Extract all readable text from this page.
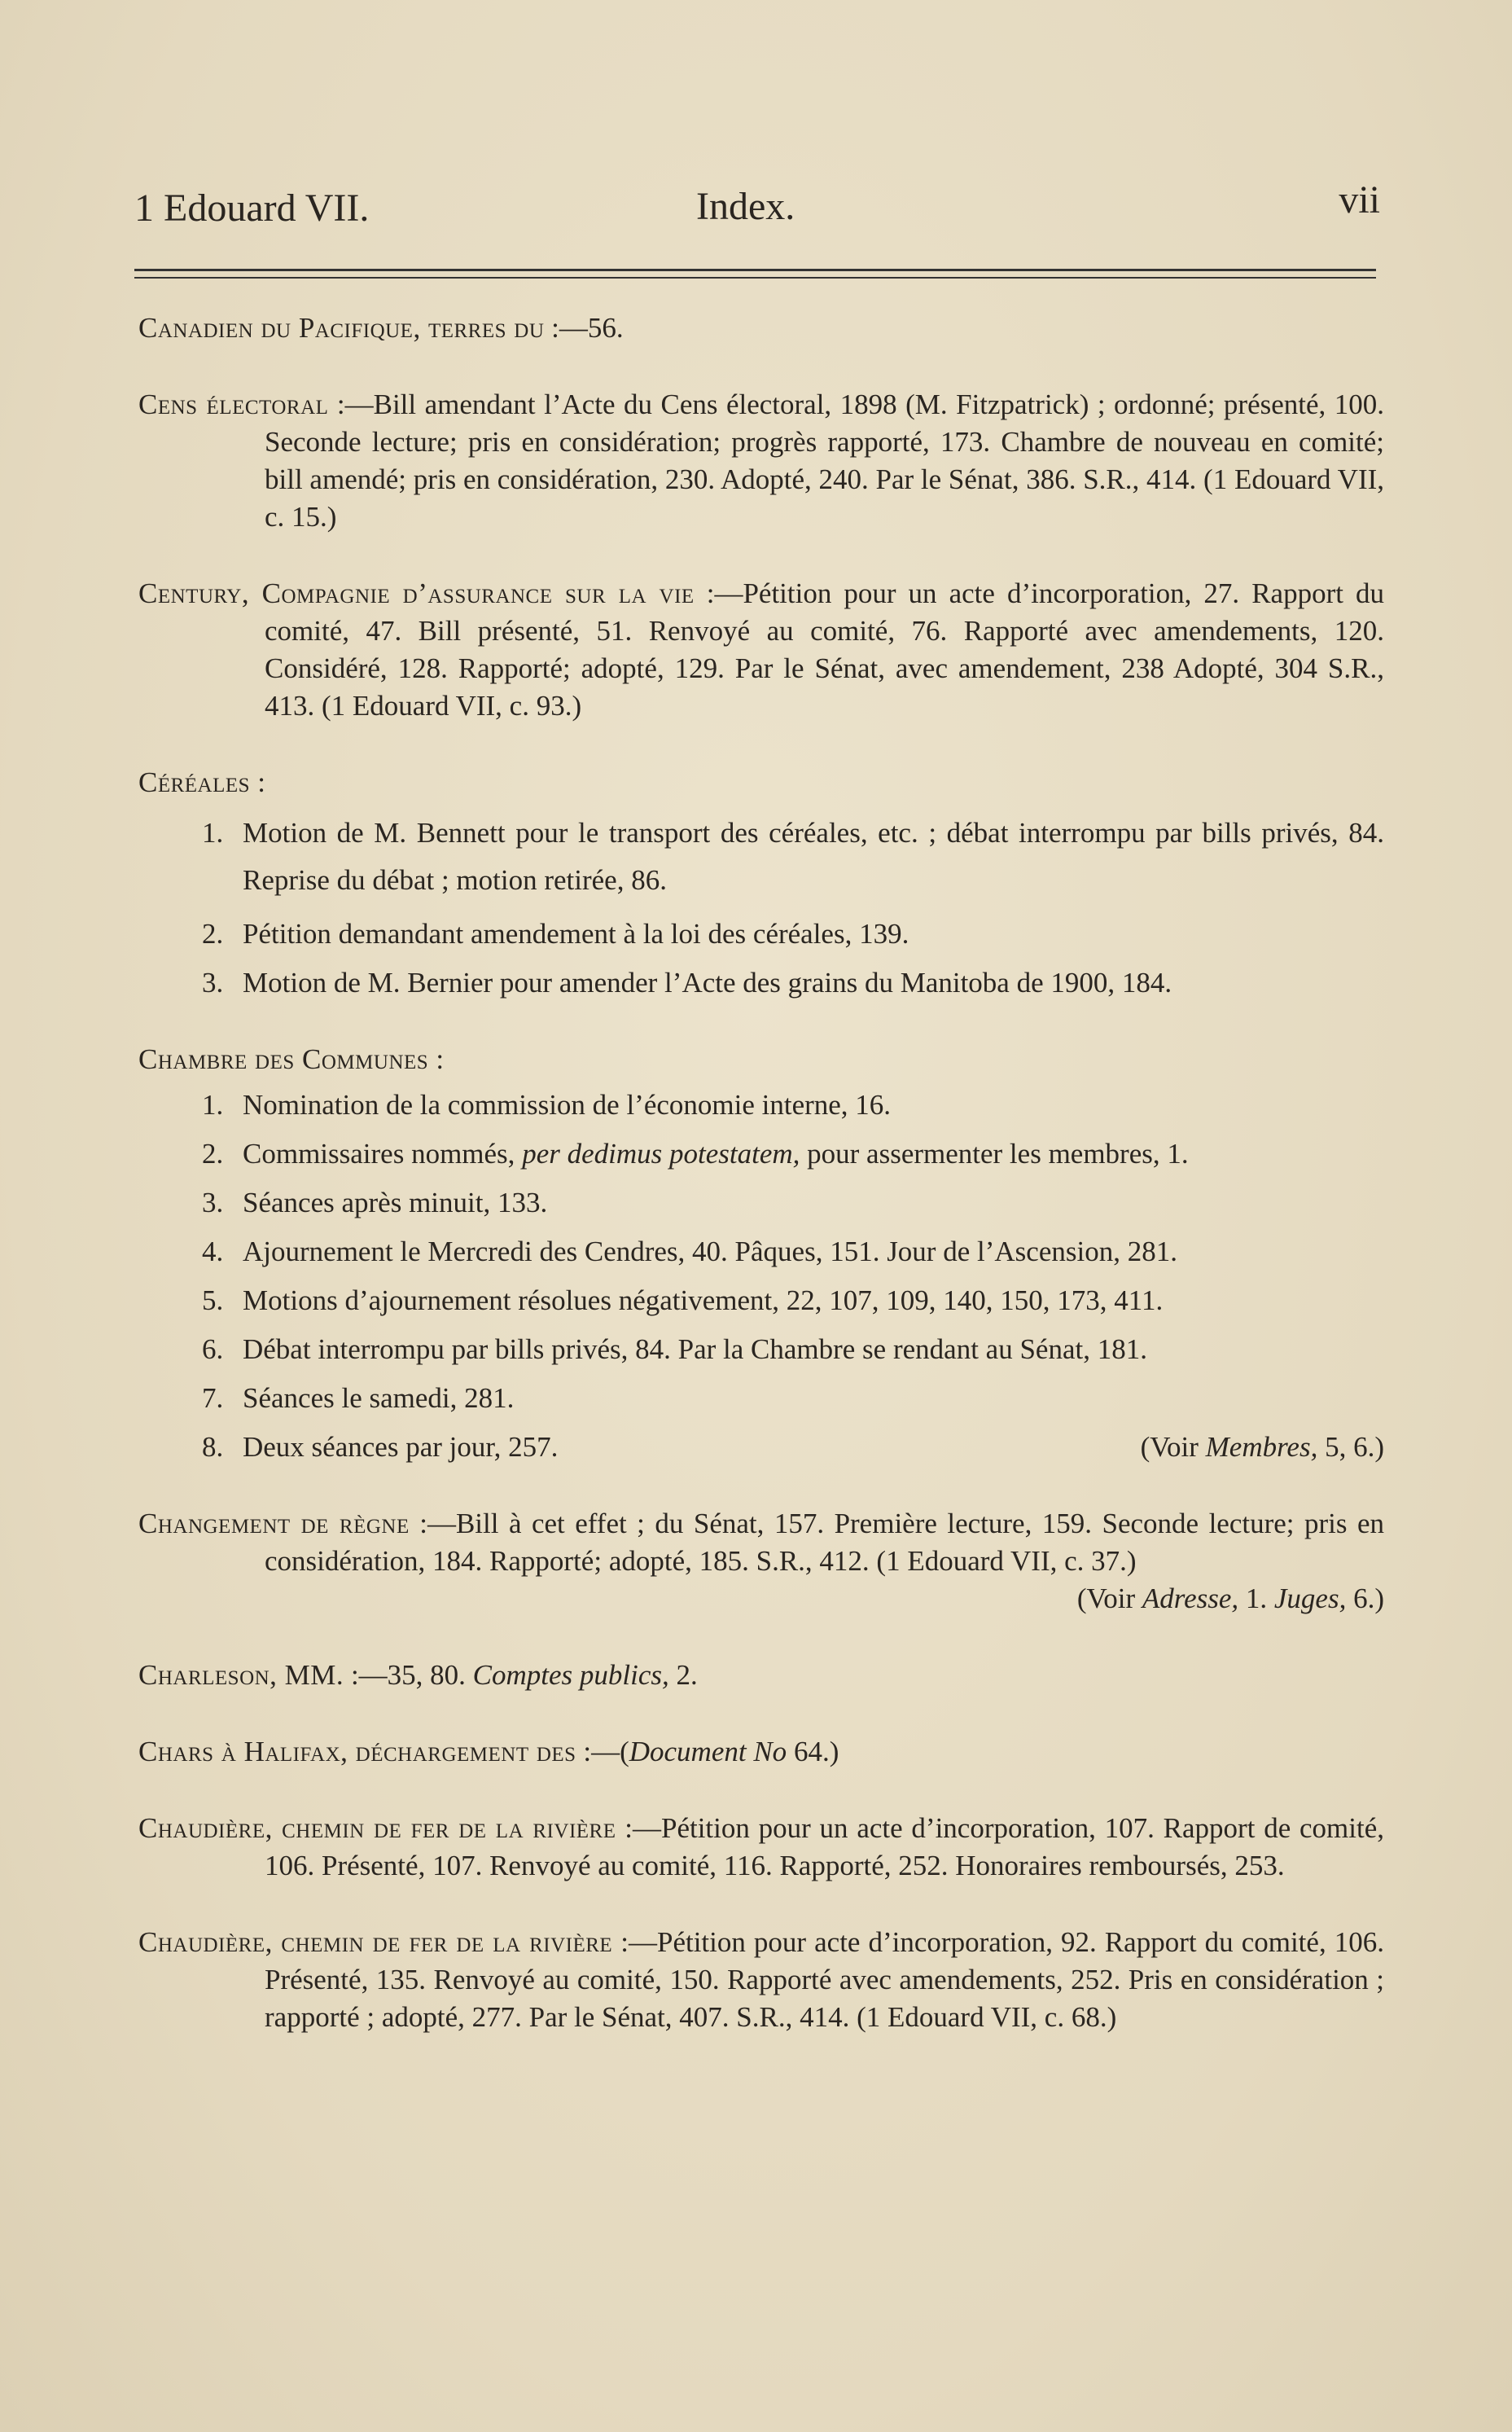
1 Edouard VII.	Index.	vii
Canadien du Pacifique, terres du :—56.
Cens électoral :—Bill amendant l’Acte du Cens électoral, 1898 (M. Fitzpatrick) ; ordonné; présenté, 100. Seconde lecture; pris en considération; progrès rapporté, 173. Chambre de nouveau en comité; bill amendé; pris en considération, 230. Adopté, 240. Par le Sénat, 386. S.R., 414. (1 Edouard VII, c. 15.)
Century, Compagnie d’assurance sur la vie :—Pétition pour un acte d’incorporation, 27. Rapport du comité, 47. Bill présenté, 51. Renvoyé au comité, 76. Rapporté avec amendements, 120. Considéré, 128. Rapporté; adopté, 129. Par le Sénat, avec amendement, 238 Adopté, 304 S.R., 413. (1 Edouard VII, c. 93.)
Céréales :
1. Motion de M. Bennett pour le transport des céréales, etc. ; débat interrompu par bills privés, 84. Reprise du débat ; motion retirée, 86.
2. Pétition demandant amendement à la loi des céréales, 139.
3. Motion de M. Bernier pour amender l’Acte des grains du Manitoba de 1900, 184.
Chambre des Communes :
1. Nomination de la commission de l’économie interne, 16.
2. Commissaires nommés, per dedimus potestatem, pour assermenter les membres, 1.
3. Séances après minuit, 133.
4. Ajournement le Mercredi des Cendres, 40. Pâques, 151. Jour de l’Ascension, 281.
5. Motions d’ajournement résolues négativement, 22, 107, 109, 140, 150, 173, 411.
6. Débat interrompu par bills privés, 84. Par la Chambre se rendant au Sénat, 181.
7. Séances le samedi, 281.
8. Deux séances par jour, 257.	(Voir Membres, 5, 6.)
Changement de règne :—Bill à cet effet ; du Sénat, 157. Première lecture, 159. Seconde lecture; pris en considération, 184. Rapporté; adopté, 185. S.R., 412. (1 Edouard VII, c. 37.)
(Voir Adresse, 1. Juges, 6.)
Charleson, MM. :—35, 80. Comptes publics, 2.
Chars à Halifax, déchargement des :—(Document No 64.)
Chaudière, chemin de fer de la rivière :—Pétition pour un acte d’incorporation, 107. Rapport de comité, 106. Présenté, 107. Renvoyé au comité, 116. Rapporté, 252. Honoraires remboursés, 253.
Chaudière, chemin de fer de la rivière :—Pétition pour acte d’incorporation, 92. Rapport du comité, 106. Présenté, 135. Renvoyé au comité, 150. Rapporté avec amendements, 252. Pris en considération ; rapporté ; adopté, 277. Par le Sénat, 407. S.R., 414. (1 Edouard VII, c. 68.)
